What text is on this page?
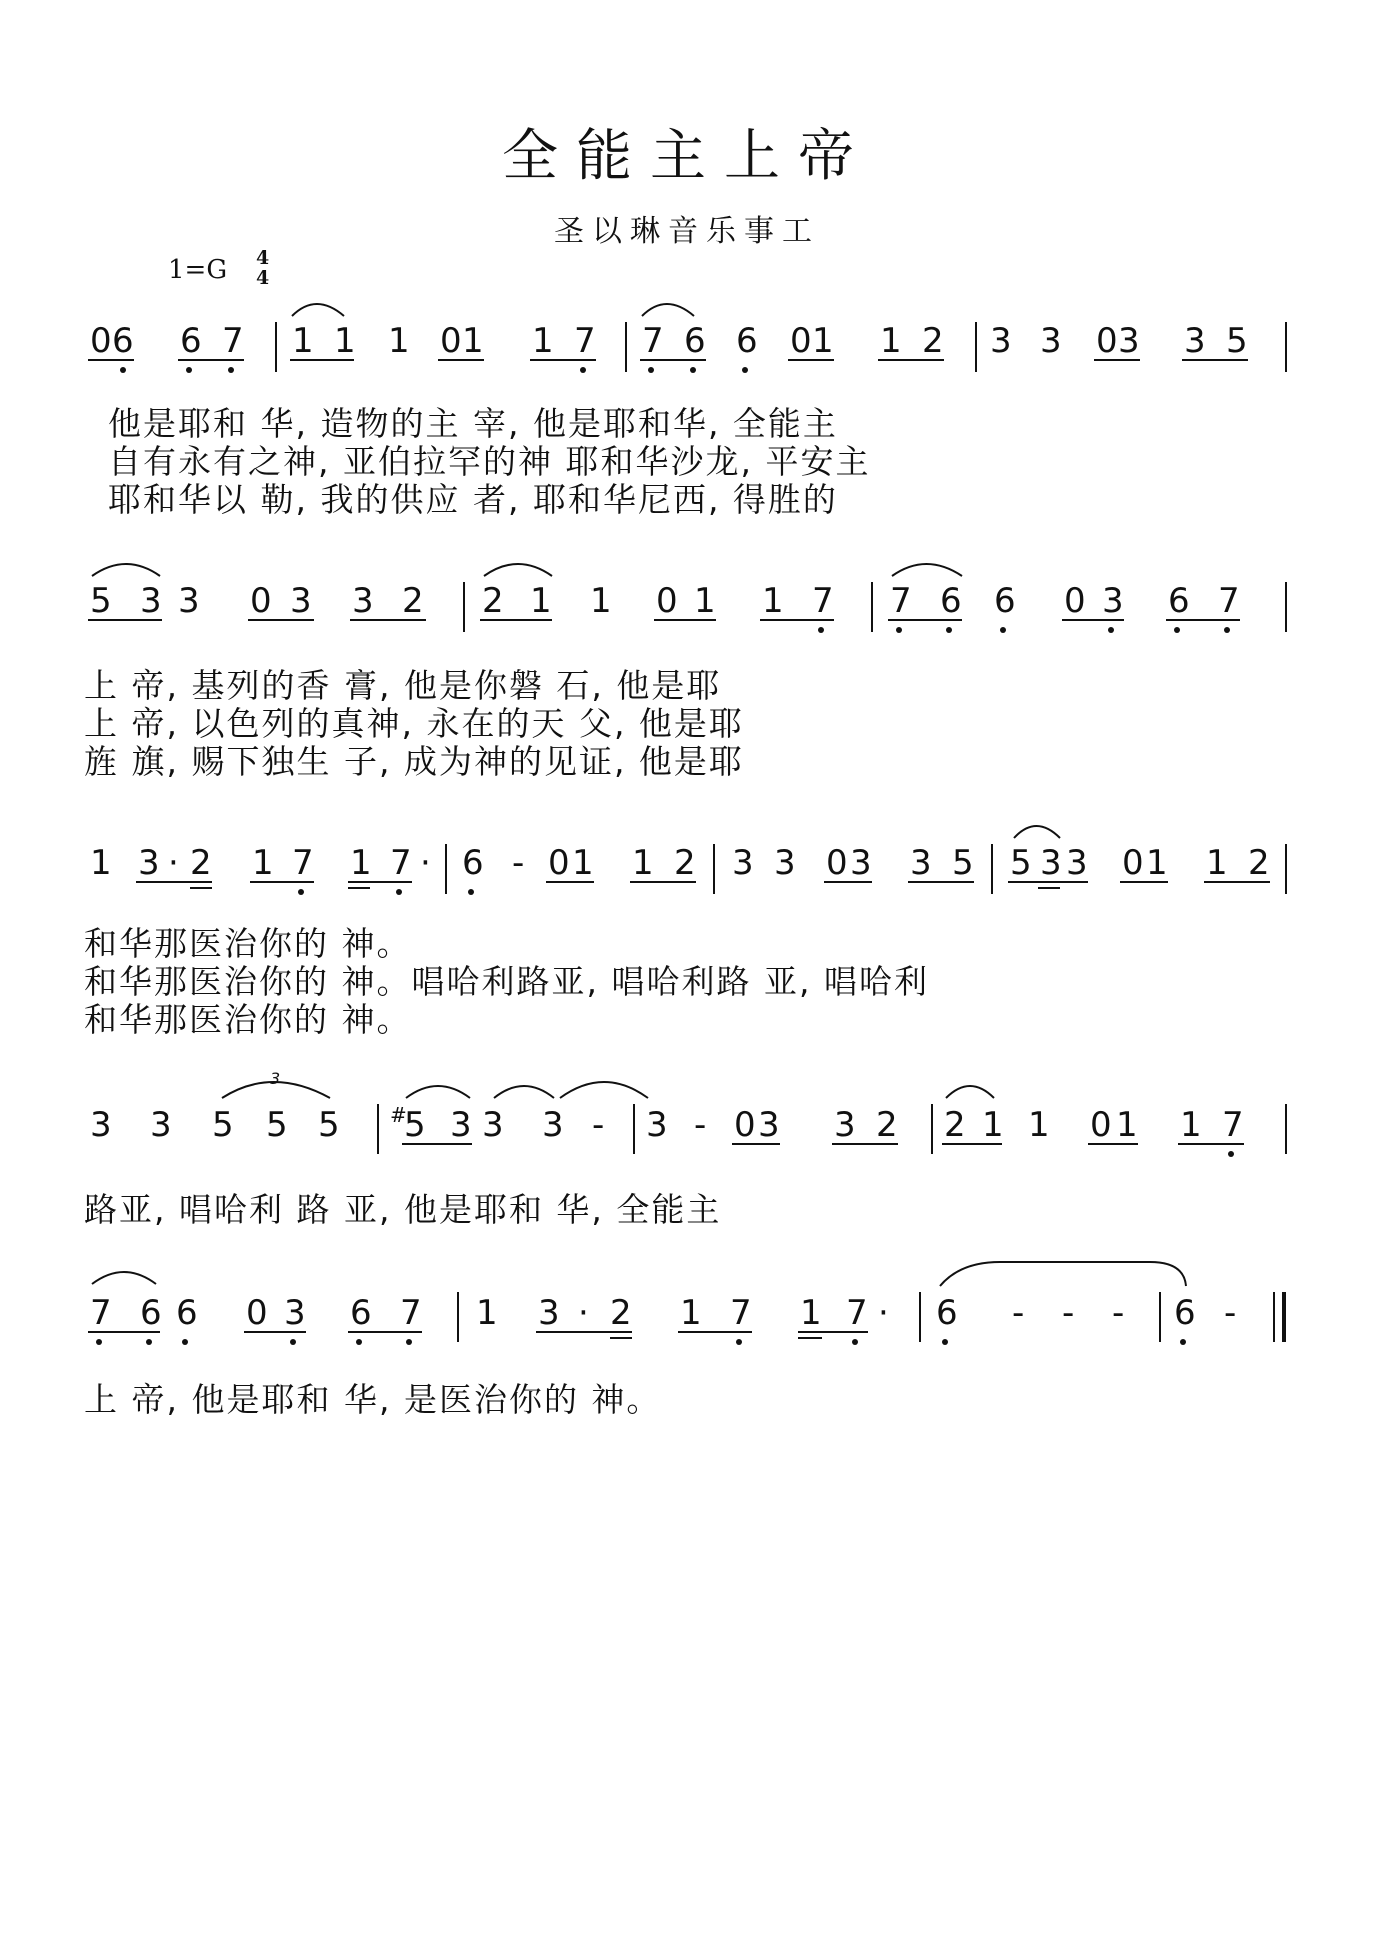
全能主上帝
圣以琳音乐事工
1=G 4
4
0 6 6 7 1 1 1 0 1 1 7 7 6 6 0 1 1 2 3 3 0 3 3 5
5 3 3 0 3 3 2 2 1 1 0 1 1 7 7 6 6 0 3 6 7
1 3 · 2 1 7 1 7 · 6 - 0 1 1 2 3 3 0 3 3 5 5 3 3 0 1 1 2
3 3 5 5 5	#
5 3 3 3 - 3 - 0 3 3 2 2 1 1 0 1 1 7
3
7 6 6 0 3 6 7 1 3 · 2 1 7 1 7 · 6 - - - 6 -
他是耶和 华, 造物的主 宰, 他是耶和华, 全能主
自有永有之神, 亚伯拉罕的神 耶和华沙龙, 平安主
耶和华以 勒, 我的供应 者, 耶和华尼西, 得胜的
上 帝, 基列的香 膏, 他是你磐 石, 他是耶
上 帝, 以色列的真神, 永在的天 父, 他是耶
旌 旗, 赐下独生 子, 成为神的见证, 他是耶
和华那医治你的 神。
和华那医治你的 神。唱哈利路亚, 唱哈利路 亚, 唱哈利
和华那医治你的 神。
路亚, 唱哈利 路 亚, 他是耶和 华, 全能主
上 帝, 他是耶和 华, 是医治你的 神。
